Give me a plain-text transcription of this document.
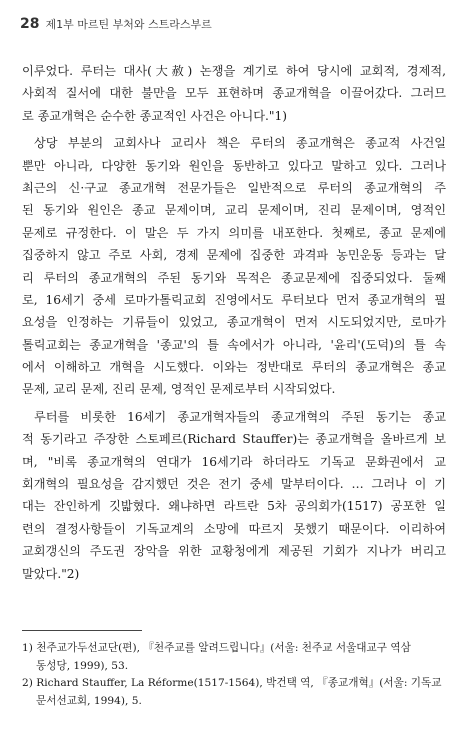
28 제1부 마르틴 부처와 스트라스부르
이루었다. 루터는 대사(大赦) 논쟁을 계기로 하여 당시에 교회적, 경제적,
사회적 질서에 대한 불만을 모두 표현하며 종교개혁을 이끌어갔다. 그러므
로 종교개혁은 순수한 종교적인 사건은 아니다."1)
상당 부분의 교회사나 교리사 책은 루터의 종교개혁은 종교적 사건일
뿐만 아니라, 다양한 동기와 원인을 동반하고 있다고 말하고 있다. 그러나
최근의 신·구교 종교개혁 전문가들은 일반적으로 루터의 종교개혁의 주
된 동기와 원인은 종교 문제이며, 교리 문제이며, 진리 문제이며, 영적인
문제로 규정한다. 이 말은 두 가지 의미를 내포한다. 첫째로, 종교 문제에
집중하지 않고 주로 사회, 경제 문제에 집중한 과격파 농민운동 등과는 달
리 루터의 종교개혁의 주된 동기와 목적은 종교문제에 집중되었다. 둘째
로, 16세기 중세 로마가톨릭교회 진영에서도 루터보다 먼저 종교개혁의 필
요성을 인정하는 기류들이 있었고, 종교개혁이 먼저 시도되었지만, 로마가
톨릭교회는 종교개혁을 '종교'의 틀 속에서가 아니라, '윤리'(도덕)의 틀 속
에서 이해하고 개혁을 시도했다. 이와는 정반대로 루터의 종교개혁은 종교
문제, 교리 문제, 진리 문제, 영적인 문제로부터 시작되었다.
루터를 비롯한 16세기 종교개혁자들의 종교개혁의 주된 동기는 종교
적 동기라고 주장한 스토페르(Richard Stauffer)는 종교개혁을 올바르게 보
며, "비록 종교개혁의 연대가 16세기라 하더라도 기독교 문화권에서 교
회개혁의 필요성을 감지했던 것은 전기 중세 말부터이다. … 그러나 이 기
대는 잔인하게 깃밟혔다. 왜냐하면 라트란 5차 공의회가(1517) 공포한 일
련의 결정사항들이 기독교계의 소망에 따르지 못했기 때문이다. 이리하여
교회갱신의 주도권 장악을 위한 교황청에게 제공된 기회가 지나가 버리고
말았다."2)
1) 천주교가두선교단(편), 『천주교를 알려드립니다』(서울: 천주교 서울대교구 역삼
동성당, 1999), 53.
2) Richard Stauffer, La Réforme(1517-1564), 박건택 역, 『종교개혁』(서울: 기독교
문서선교회, 1994), 5.
